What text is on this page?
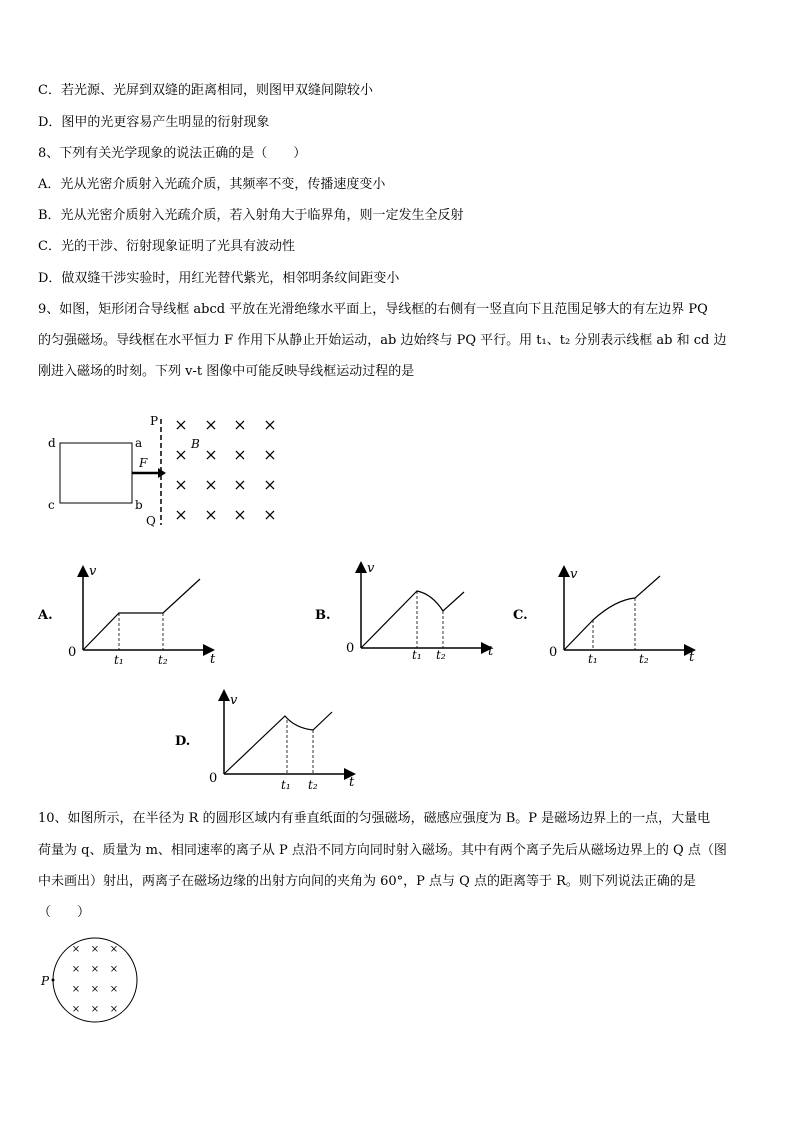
C．若光源、光屏到双缝的距离相同，则图甲双缝间隙较小
D．图甲的光更容易产生明显的衍射现象
8、下列有关光学现象的说法正确的是（　　）
A．光从光密介质射入光疏介质，其频率不变，传播速度变小
B．光从光密介质射入光疏介质，若入射角大于临界角，则一定发生全反射
C．光的干涉、衍射现象证明了光具有波动性
D．做双缝干涉实验时，用红光替代紫光，相邻明条纹间距变小
9、如图，矩形闭合导线框 abcd 平放在光滑绝缘水平面上，导线框的右侧有一竖直向下且范围足够大的有左边界 PQ
的匀强磁场。导线框在水平恒力 F 作用下从静止开始运动，ab 边始终与 PQ 平行。用 t₁、t₂ 分别表示线框 ab 和 cd 边
刚进入磁场的时刻。下列 v-t 图像中可能反映导线框运动过程的是
10、如图所示，在半径为 R 的圆形区域内有垂直纸面的匀强磁场，磁感应强度为 B。P 是磁场边界上的一点，大量电
荷量为 q、质量为 m、相同速率的离子从 P 点沿不同方向同时射入磁场。其中有两个离子先后从磁场边界上的 Q 点（图
中未画出）射出，两离子在磁场边缘的出射方向间的夹角为 60°，P 点与 Q 点的距离等于 R。则下列说法正确的是
（　　）
d	a
c	b
F
P
Q
B
× × × ×
× × × ×
× × ×
×
× × × ×
A.	B.	C.
D.
v
t
0	t₁	t₂
v
t
0	t₁ t₂
v
t
0	t₁	t₂
v
t
0	t₁ t₂
P
× × ×
× × ×
× × ×
× × ×
